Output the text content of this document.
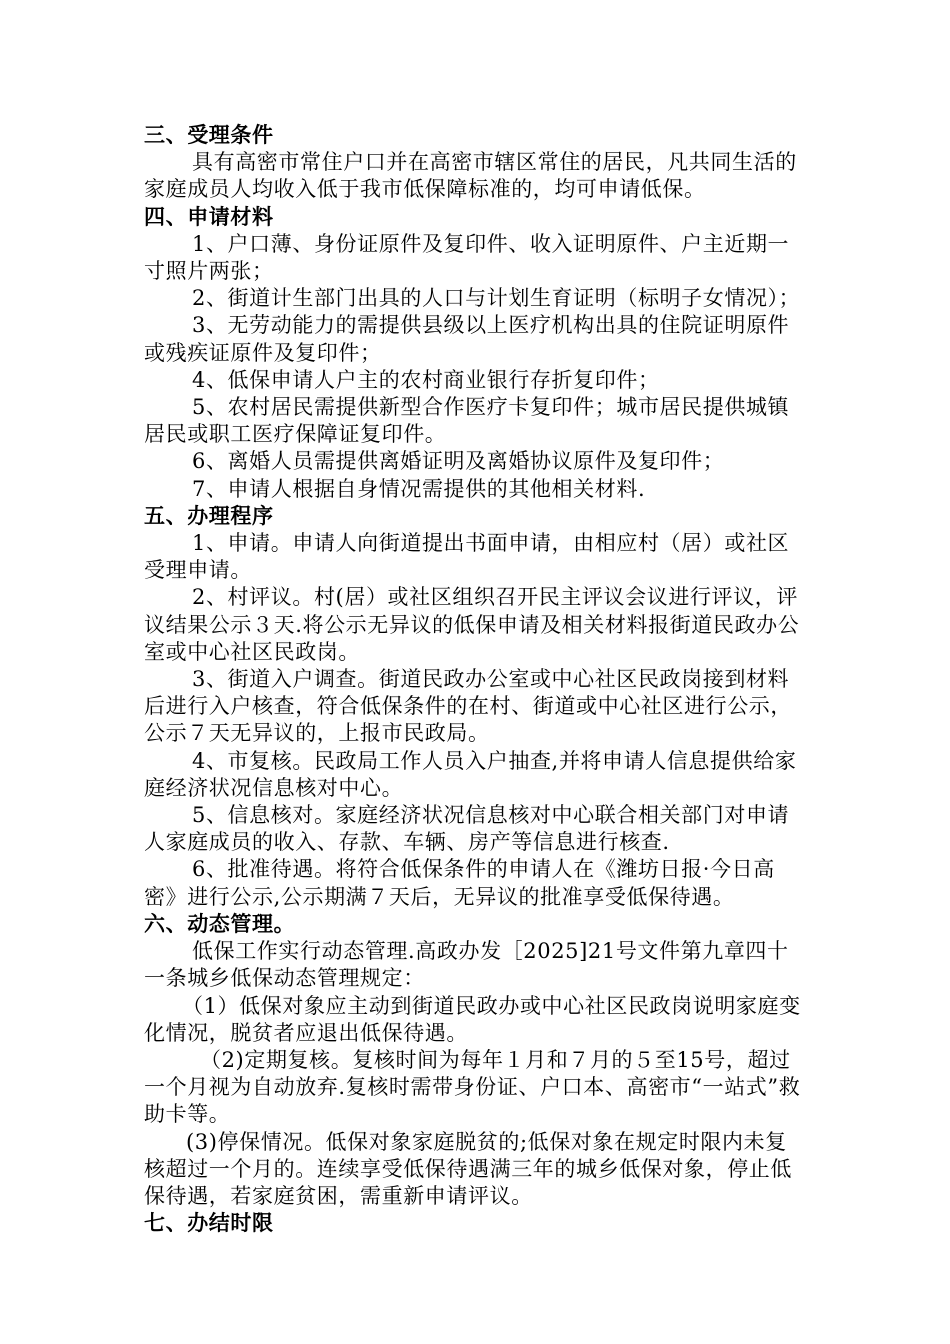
三、受理条件

具有高密市常住户口并在高密市辖区常住的居民，凡共同生活的家庭成员人均收入低于我市低保障标准的，均可申请低保。

四、申请材料

1、户口薄、身份证原件及复印件、收入证明原件、户主近期一寸照片两张；

2、街道计生部门出具的人口与计划生育证明（标明子女情况）；

3、无劳动能力的需提供县级以上医疗机构出具的住院证明原件或残疾证原件及复印件；

4、低保申请人户主的农村商业银行存折复印件；

5、农村居民需提供新型合作医疗卡复印件；城市居民提供城镇居民或职工医疗保障证复印件。

6、离婚人员需提供离婚证明及离婚协议原件及复印件；

7、申请人根据自身情况需提供的其他相关材料.

五、办理程序

1、申请。申请人向街道提出书面申请，由相应村（居）或社区受理申请。

2、村评议。村(居）或社区组织召开民主评议会议进行评议，评议结果公示３天.将公示无异议的低保申请及相关材料报街道民政办公室或中心社区民政岗。

3、街道入户调查。街道民政办公室或中心社区民政岗接到材料后进行入户核查，符合低保条件的在村、街道或中心社区进行公示，公示７天无异议的，上报市民政局。

4、市复核。民政局工作人员入户抽查,并将申请人信息提供给家庭经济状况信息核对中心。

5、信息核对。家庭经济状况信息核对中心联合相关部门对申请人家庭成员的收入、存款、车辆、房产等信息进行核查.

6、批准待遇。将符合低保条件的申请人在《潍坊日报·今日高密》进行公示,公示期满７天后，无异议的批准享受低保待遇。

六、动态管理。

低保工作实行动态管理.高政办发［2025]21号文件第九章四十一条城乡低保动态管理规定：

（1）低保对象应主动到街道民政办或中心社区民政岗说明家庭变化情况，脱贫者应退出低保待遇。

（2)定期复核。复核时间为每年１月和７月的５至15号，超过一个月视为自动放弃.复核时需带身份证、户口本、高密市“一站式”救助卡等。

(3)停保情况。低保对象家庭脱贫的;低保对象在规定时限内未复核超过一个月的。连续享受低保待遇满三年的城乡低保对象，停止低保待遇，若家庭贫困，需重新申请评议。

七、办结时限
